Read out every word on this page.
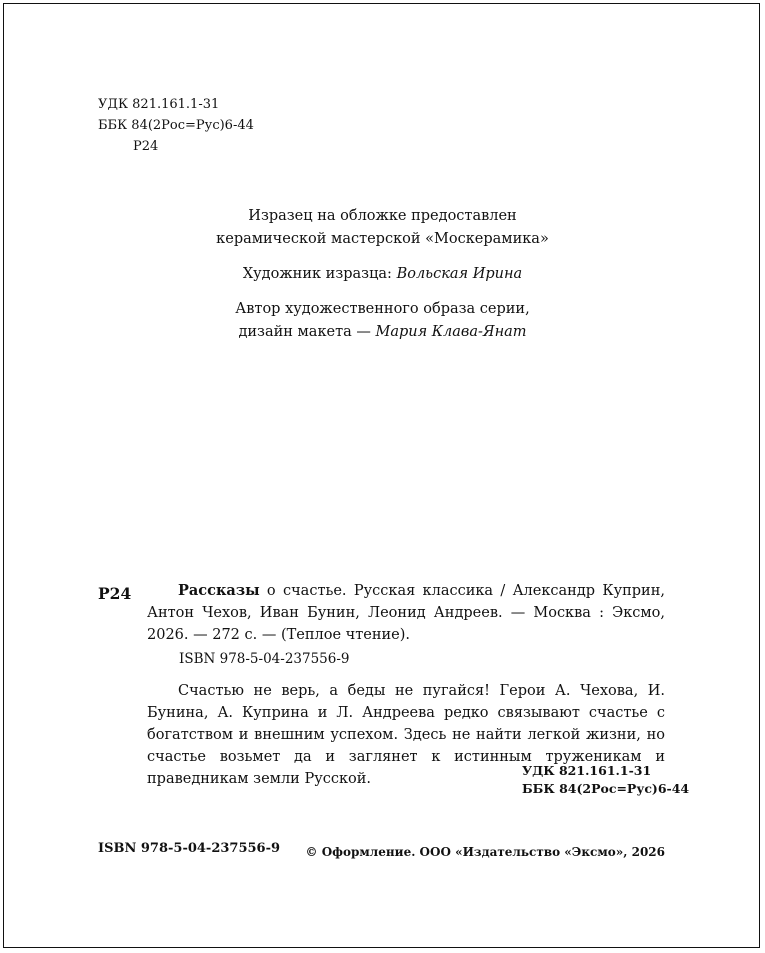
УДК 821.161.1-31
ББК 84(2Рос=Рус)6-44
Р24
Изразец на обложке предоставлен
керамической мастерской «Москерамика»
Художник изразца: Вольская Ирина
Автор художественного образа серии,
дизайн макета — Мария Клава-Янат
Р24	Рассказы о счастье. Русская классика / Александр Куприн, Антон Чехов, Иван Бунин, Леонид Андреев. — Москва : Эксмо, 2026. — 272 с. — (Теплое чтение).
ISBN 978-5-04-237556-9

Счастью не верь, а беды не пугайся! Герои А. Чехова, И. Бунина, А. Куприна и Л. Андреева редко связывают счастье с богатством и внешним успехом. Здесь не найти легкой жизни, но счастье возьмет да и заглянет к истинным труженикам и праведникам земли Русской.

УДК 821.161.1-31
ББК 84(2Рос=Рус)6-44
ISBN 978-5-04-237556-9 © Оформление. ООО «Издательство «Эксмо», 2026
